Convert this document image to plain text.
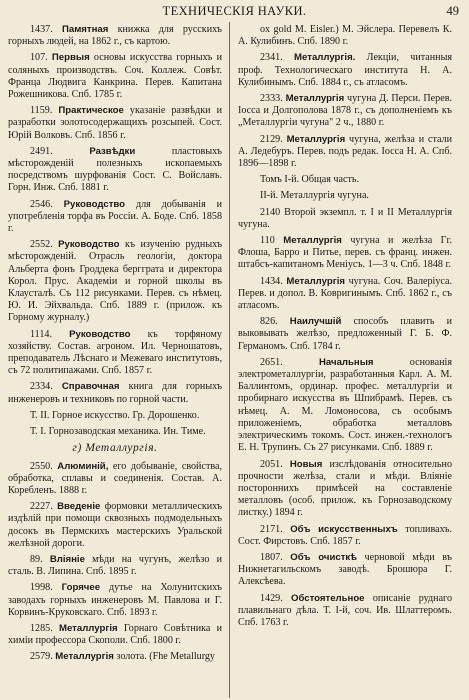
ТЕХНИЧЕСКІЯ НАУКИ.	49

1437. Памятная книжка для русскихъ горныхъ людей, на 1862 г., съ картою.

107. Первыя основы искусства горныхъ и соляныхъ производствъ. Соч. Коллеж. Совѣт. Франца Людвига Канкрина. Перев. Капитана Рожешникова. Спб. 1785 г.

1159. Практическое указаніе развѣдки и разработки золотосодержащихъ розсыпей. Сост. Юрій Волковъ. Спб. 1856 г.

2491.	Развѣдки	пластовыхъ мѣсторожденій полезныхъ ископаемыхъ посредствомъ шурфованія Сост. С. Войславъ. Горн. Инж. Спб. 1881 г.

2546. Руководство для добыванія и употребленія торфа въ Россіи. А. Боде. Спб. 1858 г.

2552. Руководство къ изученію рудныхъ мѣсторожденій. Отрасль геологіи, доктора Альберта фонъ Гроддека бергграта и директора Корол. Прус. Академіи и горной школы въ Клаусталѣ. Съ 112 рисунками. Перев. съ нѣмец. Ю. И. Эйхвальда. Спб. 1889 г. (прилож. къ Горному журналу.)

1114. Руководство къ торфяному хозяйству. Состав. агроном. Ил. Черношатовъ, преподаватель Лѣснаго и Межеваго институтовъ, съ 72 политипажами. Спб. 1857 г.

2334. Справочная книга для горныхъ инженеровъ и техниковъ по горной части.

Т. II. Горное искусство. Гр. Дорошенко.

Т. I. Горнозаводская механика. Ин. Тиме.

г) Металлургія.

2550. Алюминій, его добываніе, свойства, обработка, сплавы и соединенія. Состав. А. Коребленъ. 1888 г.

2227. Введеніе формовки металлическихъ издѣлій при помощи сквозныхъ подмодельныхъ досокъ въ Пермскихъ мастерскихъ Уральской желѣзной дороги.

89. Вліяніе мѣди на чугунъ, желѣзо и сталь. В. Липина. Спб. 1895 г.

1998. Горячее дутье на Холунитскихъ заводахъ горныхъ инженеровъ М. Павлова и Г. Корвинъ-Круковскаго. Спб. 1893 г.

1285. Металлургія Горнаго Совѣтника и химіи профессора Скополи. Спб. 1800 г.

2579. Металлургія золота. (Fhe Metallurgy

ox gold M. Eisler.) М. Эйслера. Перевелъ К. А. Кулибинъ. Спб. 1890 г.

2341. Металлургія. Лекціи, читанныя проф. Технологическаго института Н. А. Кулибинымъ. Спб. 1884 г., съ атласомъ.

2333. Металлургія чугуна Д. Перси. Перев. Іосса и Долгополова 1878 г., съ дополненіемъ къ „Металлургіи чугуна" 2 ч., 1880 г.

2129. Металлургія чугуна, желѣза и стали А. Ледебуръ. Перев. подъ редак. Іосса Н. А. Спб. 1896—1898 г.

Томъ І-й. Общая часть.

ІІ-й. Металлургія чугуна.

2140 Второй экземпл. т. I и II Металлургія чугуна.

110 Металлургія чугуна и желѣза Гг. Флоша, Барро и Питье, перев. съ франц. инжен. штабсъ-капитаномъ Меніусъ. 1—3 ч. Спб. 1848 г.

1434. Металлургія чугуна. Соч. Валеріуса. Перев. и допол. В. Ковригинымъ. Спб. 1862 г., съ атласомъ.

826. Наилучшій способъ плавить и выковывать желѣзо, предложенный Г. Б. Ф. Германомъ. Спб. 1784 г.

2651.	Начальныя	основанія электрометаллургіи, разработанныя Карл. А. М. Баллинтомъ, ординар. профес. металлургіи и пробирнаго искусства въ Шпибрамѣ. Перев. съ нѣмец. А. М. Ломоносова, съ особымъ приложеніемъ, обработка металловъ электрическимъ токомъ. Сост. инжен.-технологъ Е. Н. Трупинъ. Съ 27 рисунками. Спб. 1889 г.

2051. Новыя изслѣдованія относительно прочности желѣза, стали и мѣди. Вліяніе постороннихъ примѣсей на составленіе металловъ (особ. прилож. къ Горнозаводскому листку.) 1894 г.

2171. Объ искусственныхъ топливахъ. Сост. Фирстовъ. Спб. 1857 г.

1807. Объ очисткѣ черновой мѣди въ Нижнетагильскомъ заводѣ. Брошюра Г. Алексѣева.

1429. Обстоятельное описаніе руднаго плавильнаго дѣла. Т. І-й, соч. Ив. Шлаттеромъ. Спб. 1763 г.
